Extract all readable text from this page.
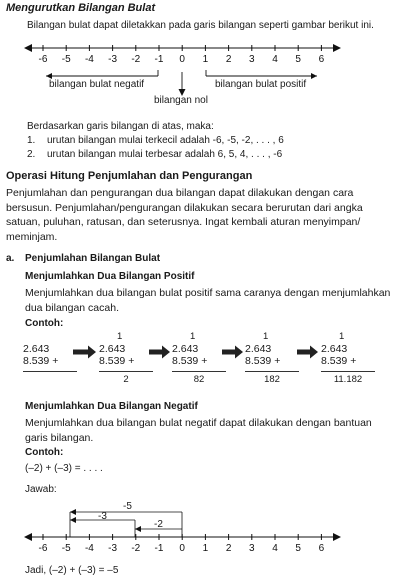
Mengurutkan Bilangan Bulat
Bilangan bulat dapat diletakkan pada garis bilangan seperti gambar berikut ini.
-6 -5 -4 -3 -2 -1 0 1 2 3 4 5 6
bilangan bulat negatif	bilangan bulat positif
bilangan nol
Berdasarkan garis bilangan di atas, maka:
1. urutan bilangan mulai terkecil adalah -6, -5, -2, . . . , 6
2. urutan bilangan mulai terbesar adalah 6, 5, 4, . . . , -6
Operasi Hitung Penjumlahan dan Pengurangan
Penjumlahan dan pengurangan dua bilangan dapat dilakukan dengan cara
bersusun. Penjumlahan/pengurangan dilakukan secara berurutan dari angka
satuan, puluhan, ratusan, dan seterusnya. Ingat kembali aturan menyimpan/
meminjam.
a. Penjumlahan Bilangan Bulat
Menjumlahkan Dua Bilangan Positif
Menjumlahkan dua bilangan bulat positif sama caranya dengan menjumlahkan
dua bilangan cacah.
Contoh:
2.643
8.539 +
1
2.643
8.539 +
2
1
2.643
8.539 +
82
1
2.643
8.539 +
182
1
2.643
8.539 +
11.182
Menjumlahkan Dua Bilangan Negatif
Menjumlahkan dua bilangan bulat negatif dapat dilakukan dengan bantuan
garis bilangan.
Contoh:
(–2) + (–3) = . . . .
Jawab:
-6 -5 -4 -3 -2 -1 0 1 2 3 4 5 6
-5
-3
-2
Jadi, (–2) + (–3) = –5
